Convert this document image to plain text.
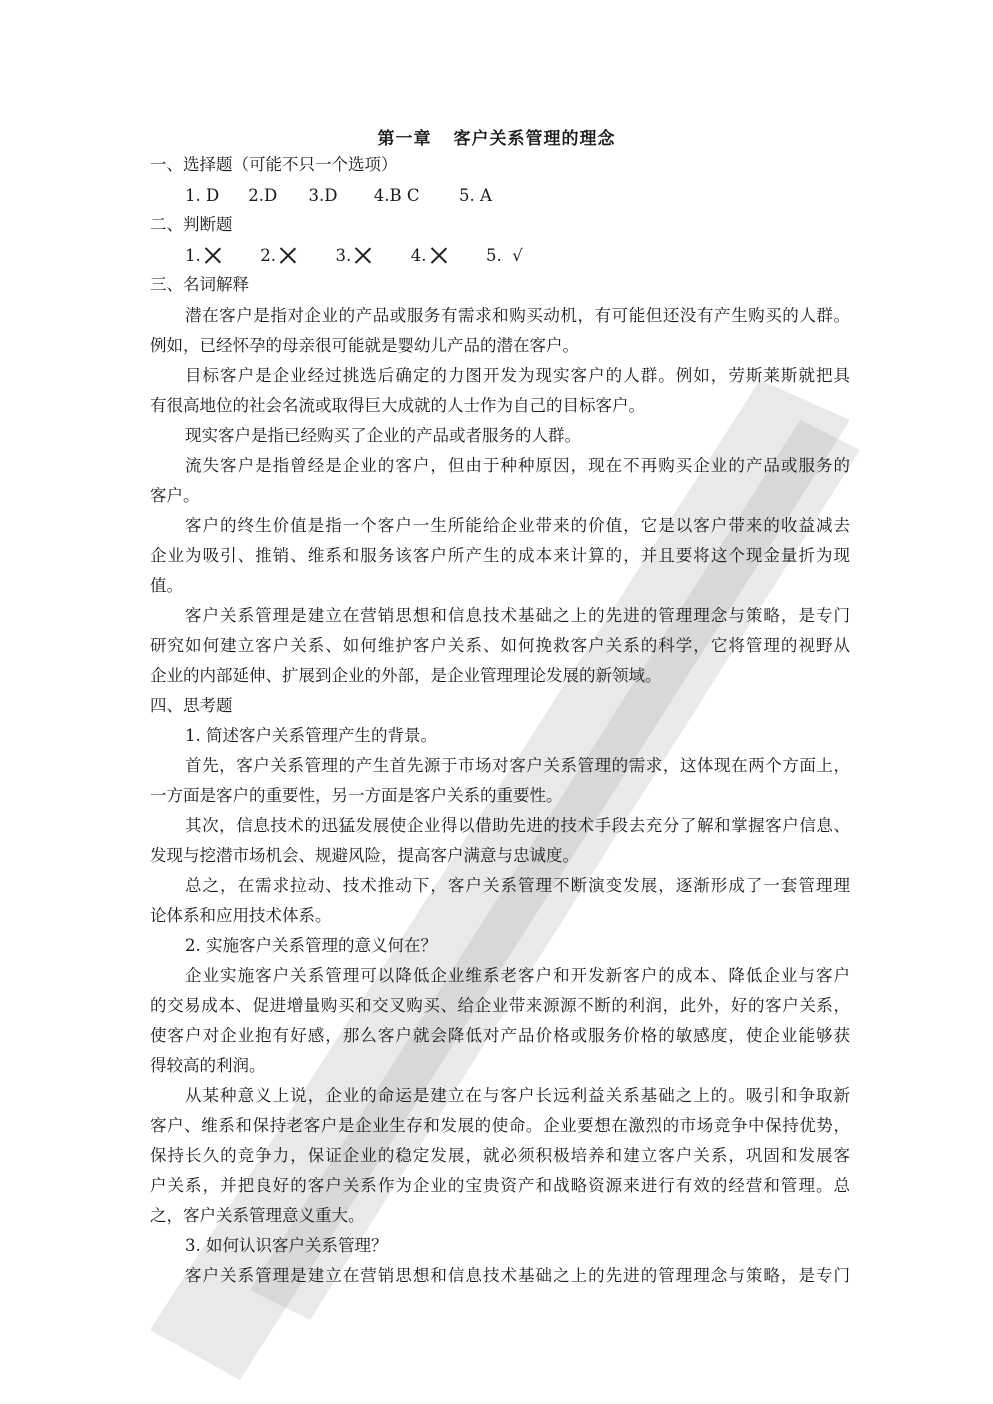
第一章 客户关系管理的理念
一、选择题（可能不只一个选项）
1. D 2.D 3.D 4.B C 5. A
二、判断题
1.	2.	3.	4.	5. √
三、名词解释
潜在客户是指对企业的产品或服务有需求和购买动机，有可能但还没有产生购买的人群。
例如，已经怀孕的母亲很可能就是婴幼儿产品的潜在客户。
目标客户是企业经过挑选后确定的力图开发为现实客户的人群。例如，劳斯莱斯就把具
有很高地位的社会名流或取得巨大成就的人士作为自己的目标客户。
现实客户是指已经购买了企业的产品或者服务的人群。
流失客户是指曾经是企业的客户，但由于种种原因，现在不再购买企业的产品或服务的
客户。
客户的终生价值是指一个客户一生所能给企业带来的价值，它是以客户带来的收益减去
企业为吸引、推销、维系和服务该客户所产生的成本来计算的，并且要将这个现金量折为现
值。
客户关系管理是建立在营销思想和信息技术基础之上的先进的管理理念与策略，是专门
研究如何建立客户关系、如何维护客户关系、如何挽救客户关系的科学，它将管理的视野从
企业的内部延伸、扩展到企业的外部，是企业管理理论发展的新领域。
四、思考题
1. 简述客户关系管理产生的背景。
首先，客户关系管理的产生首先源于市场对客户关系管理的需求，这体现在两个方面上，
一方面是客户的重要性，另一方面是客户关系的重要性。
其次，信息技术的迅猛发展使企业得以借助先进的技术手段去充分了解和掌握客户信息、
发现与挖潜市场机会、规避风险，提高客户满意与忠诚度。
总之，在需求拉动、技术推动下，客户关系管理不断演变发展，逐渐形成了一套管理理
论体系和应用技术体系。
2. 实施客户关系管理的意义何在？
企业实施客户关系管理可以降低企业维系老客户和开发新客户的成本、降低企业与客户
的交易成本、促进增量购买和交叉购买、给企业带来源源不断的利润，此外，好的客户关系，
使客户对企业抱有好感，那么客户就会降低对产品价格或服务价格的敏感度，使企业能够获
得较高的利润。
从某种意义上说，企业的命运是建立在与客户长远利益关系基础之上的。吸引和争取新
客户、维系和保持老客户是企业生存和发展的使命。企业要想在激烈的市场竞争中保持优势，
保持长久的竞争力，保证企业的稳定发展，就必须积极培养和建立客户关系，巩固和发展客
户关系，并把良好的客户关系作为企业的宝贵资产和战略资源来进行有效的经营和管理。总
之，客户关系管理意义重大。
3. 如何认识客户关系管理？
客户关系管理是建立在营销思想和信息技术基础之上的先进的管理理念与策略，是专门
